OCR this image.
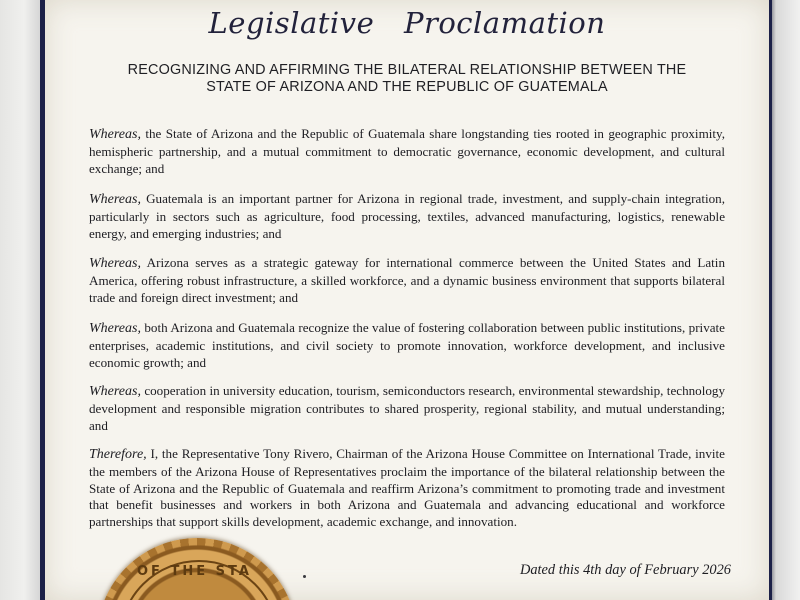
Legislative Proclamation
RECOGNIZING AND AFFIRMING THE BILATERAL RELATIONSHIP BETWEEN THE
STATE OF ARIZONA AND THE REPUBLIC OF GUATEMALA

Whereas, the State of Arizona and the Republic of Guatemala share longstanding ties rooted in geographic proximity, hemispheric partnership, and a mutual commitment to democratic governance, economic development, and cultural exchange; and

Whereas, Guatemala is an important partner for Arizona in regional trade, investment, and supply-chain integration, particularly in sectors such as agriculture, food processing, textiles, advanced manufacturing, logistics, renewable energy, and emerging industries; and

Whereas, Arizona serves as a strategic gateway for international commerce between the United States and Latin America, offering robust infrastructure, a skilled workforce, and a dynamic business environment that supports bilateral trade and foreign direct investment; and

Whereas, both Arizona and Guatemala recognize the value of fostering collaboration between public institutions, private enterprises, academic institutions, and civil society to promote innovation, workforce development, and inclusive economic growth; and

Whereas, cooperation in university education, tourism, semiconductors research, environmental stewardship, technology development and responsible migration contributes to shared prosperity, regional stability, and mutual understanding; and

Therefore, I, the Representative Tony Rivero, Chairman of the Arizona House Committee on International Trade, invite the members of the Arizona House of Representatives proclaim the importance of the bilateral relationship between the State of Arizona and the Republic of Guatemala and reaffirm Arizona’s commitment to promoting trade and investment that benefit businesses and workers in both Arizona and Guatemala and advancing educational and workforce partnerships that support skills development, academic exchange, and innovation.

OF THE STA	Dated this 4th day of February 2026
